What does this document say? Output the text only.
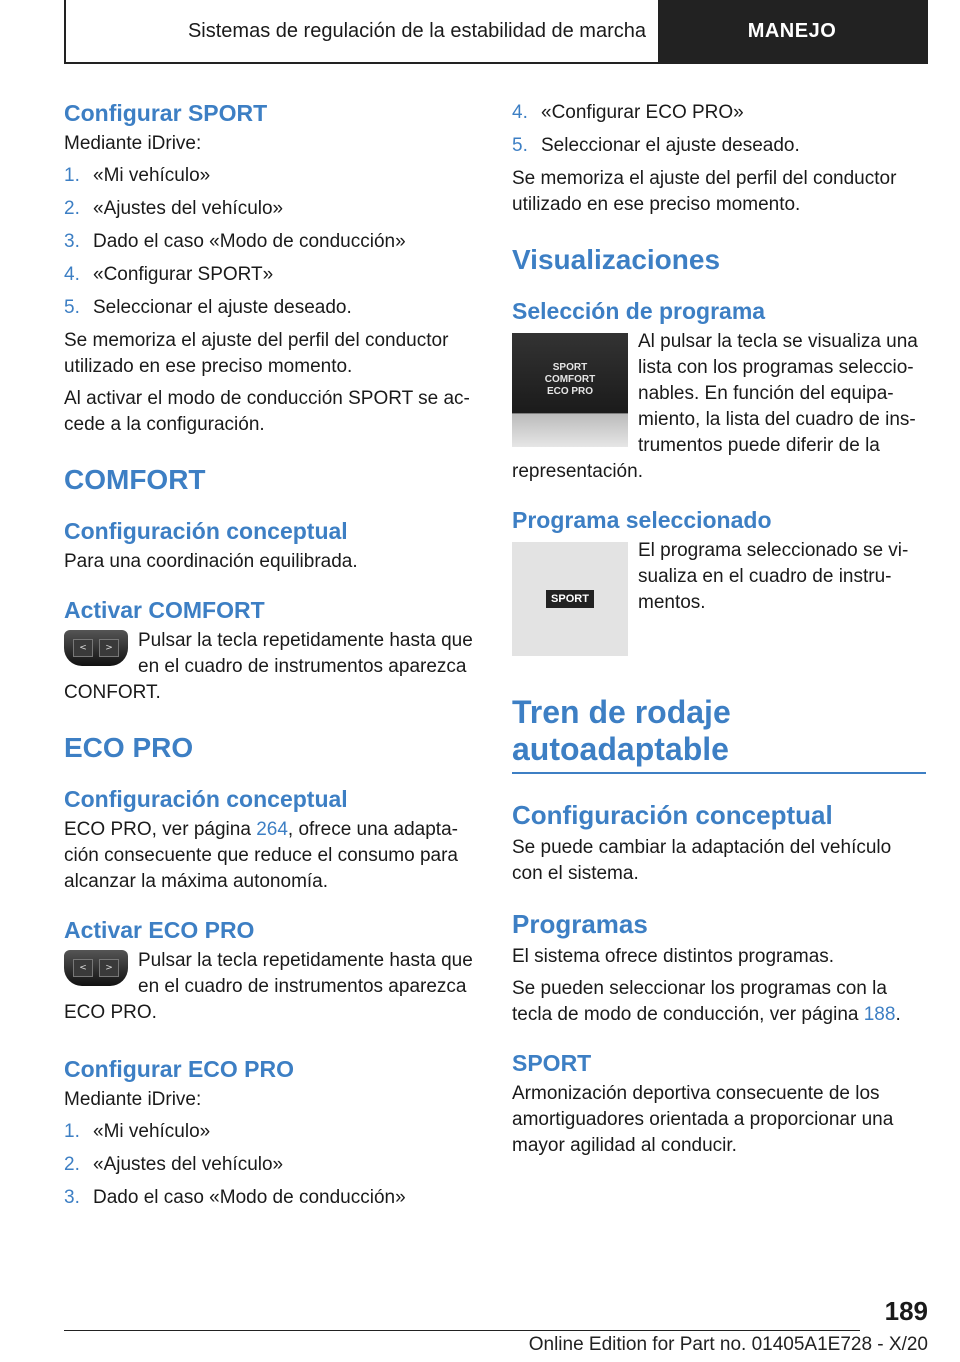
Sistemas de regulación de la estabilidad de marcha	MANEJO
Configurar SPORT

Mediante iDrive:

1. «Mi vehículo»
2. «Ajustes del vehículo»
3. Dado el caso «Modo de conducción»
4. «Configurar SPORT»
5. Seleccionar el ajuste deseado.

Se memoriza el ajuste del perfil del conductor utilizado en ese preciso momento.

Al activar el modo de conducción SPORT se ac-cede a la configuración.

COMFORT
Configuración conceptual

Para una coordinación equilibrada.

Activar COMFORT
<	>	Pulsar la tecla repetidamente hasta que en el cuadro de instrumentos aparezca CONFORT.

ECO PRO
Configuración conceptual

ECO PRO, ver página 264, ofrece una adapta-ción consecuente que reduce el consumo para alcanzar la máxima autonomía.

Activar ECO PRO
<	>	Pulsar la tecla repetidamente hasta que en el cuadro de instrumentos aparezca ECO PRO.

Configurar ECO PRO

Mediante iDrive:

1. «Mi vehículo»
2. «Ajustes del vehículo»
3. Dado el caso «Modo de conducción»
4. «Configurar ECO PRO»
5. Seleccionar el ajuste deseado.

Se memoriza el ajuste del perfil del conductor utilizado en ese preciso momento.

Visualizaciones
Selección de programa
SPORT
COMFORT
ECO PRO

Al pulsar la tecla se visualiza una lista con los programas seleccio-nables. En función del equipa-miento, la lista del cuadro de ins-trumentos puede diferir de la representación.

Programa seleccionado
SPORT

El programa seleccionado se vi-sualiza en el cuadro de instru-mentos.

Tren de rodaje
autoadaptable
Configuración conceptual

Se puede cambiar la adaptación del vehículo con el sistema.

Programas

El sistema ofrece distintos programas.

Se pueden seleccionar los programas con la tecla de modo de conducción, ver página 188.

SPORT

Armonización deportiva consecuente de los amortiguadores orientada a proporcionar una mayor agilidad al conducir.

189
Online Edition for Part no. 01405A1E728 - X/20
